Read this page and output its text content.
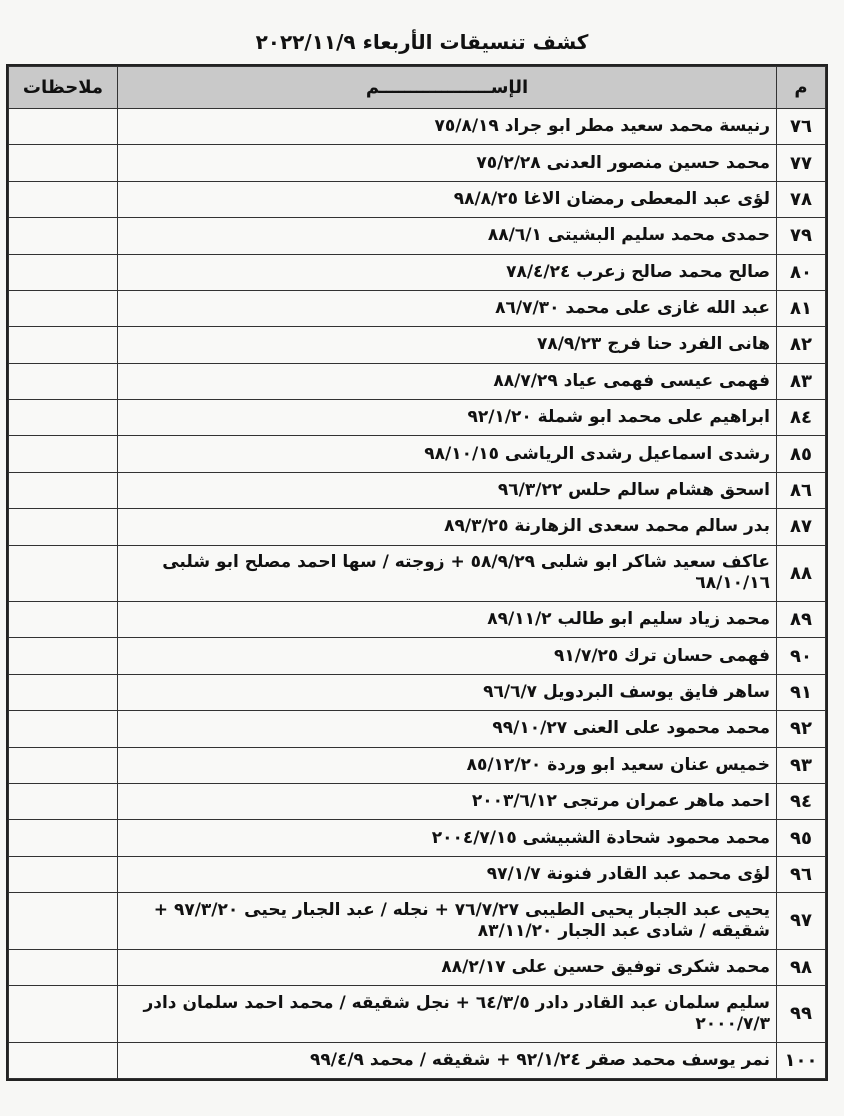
كشف تنسيقات الأربعاء ٢٠٢٢/١١/٩
م	الإســــــــــــــــــم	ملاحظات
٧٦	رنيسة محمد سعيد مطر ابو جراد ٧٥/٨/١٩	
٧٧	محمد حسين منصور العدنى ٧٥/٢/٢٨	
٧٨	لؤى عبد المعطى رمضان الاغا ٩٨/٨/٢٥	
٧٩	حمدى محمد سليم البشيتى ٨٨/٦/١	
٨٠	صالح محمد صالح زعرب ٧٨/٤/٢٤	
٨١	عبد الله غازى على محمد ٨٦/٧/٣٠	
٨٢	هانى الفرد حنا فرج ٧٨/٩/٢٣	
٨٣	فهمى عيسى فهمى عياد ٨٨/٧/٢٩	
٨٤	ابراهيم على محمد ابو شملة ٩٢/١/٢٠	
٨٥	رشدى اسماعيل رشدى الرياشى ٩٨/١٠/١٥	
٨٦	اسحق هشام سالم حلس ٩٦/٣/٢٢	
٨٧	بدر سالم محمد سعدى الزهارنة ٨٩/٣/٢٥	
٨٨	عاكف سعيد شاكر ابو شلبى ٥٨/٩/٢٩ + زوجته / سها احمد مصلح ابو شلبى ٦٨/١٠/١٦	
٨٩	محمد زياد سليم ابو طالب ٨٩/١١/٢	
٩٠	فهمى حسان ترك ٩١/٧/٢٥	
٩١	ساهر فايق يوسف البردويل ٩٦/٦/٧	
٩٢	محمد محمود على العنى ٩٩/١٠/٢٧	
٩٣	خميس عنان سعيد ابو وردة ٨٥/١٢/٢٠	
٩٤	احمد ماهر عمران مرتجى ٢٠٠٣/٦/١٢	
٩٥	محمد محمود شحادة الشبيشى ٢٠٠٤/٧/١٥	
٩٦	لؤى محمد عبد القادر فنونة ٩٧/١/٧	
٩٧	يحيى عبد الجبار يحيى الطيبى ٧٦/٧/٢٧ + نجله / عبد الجبار يحيى ٩٧/٣/٢٠ + شقيقه / شادى عبد الجبار ٨٣/١١/٢٠	
٩٨	محمد شكرى توفيق حسين على ٨٨/٢/١٧	
٩٩	سليم سلمان عبد القادر دادر ٦٤/٣/٥ + نجل شقيقه / محمد احمد سلمان دادر ٢٠٠٠/٧/٣	
١٠٠	نمر يوسف محمد صقر ٩٢/١/٢٤ + شقيقه / محمد ٩٩/٤/٩	
